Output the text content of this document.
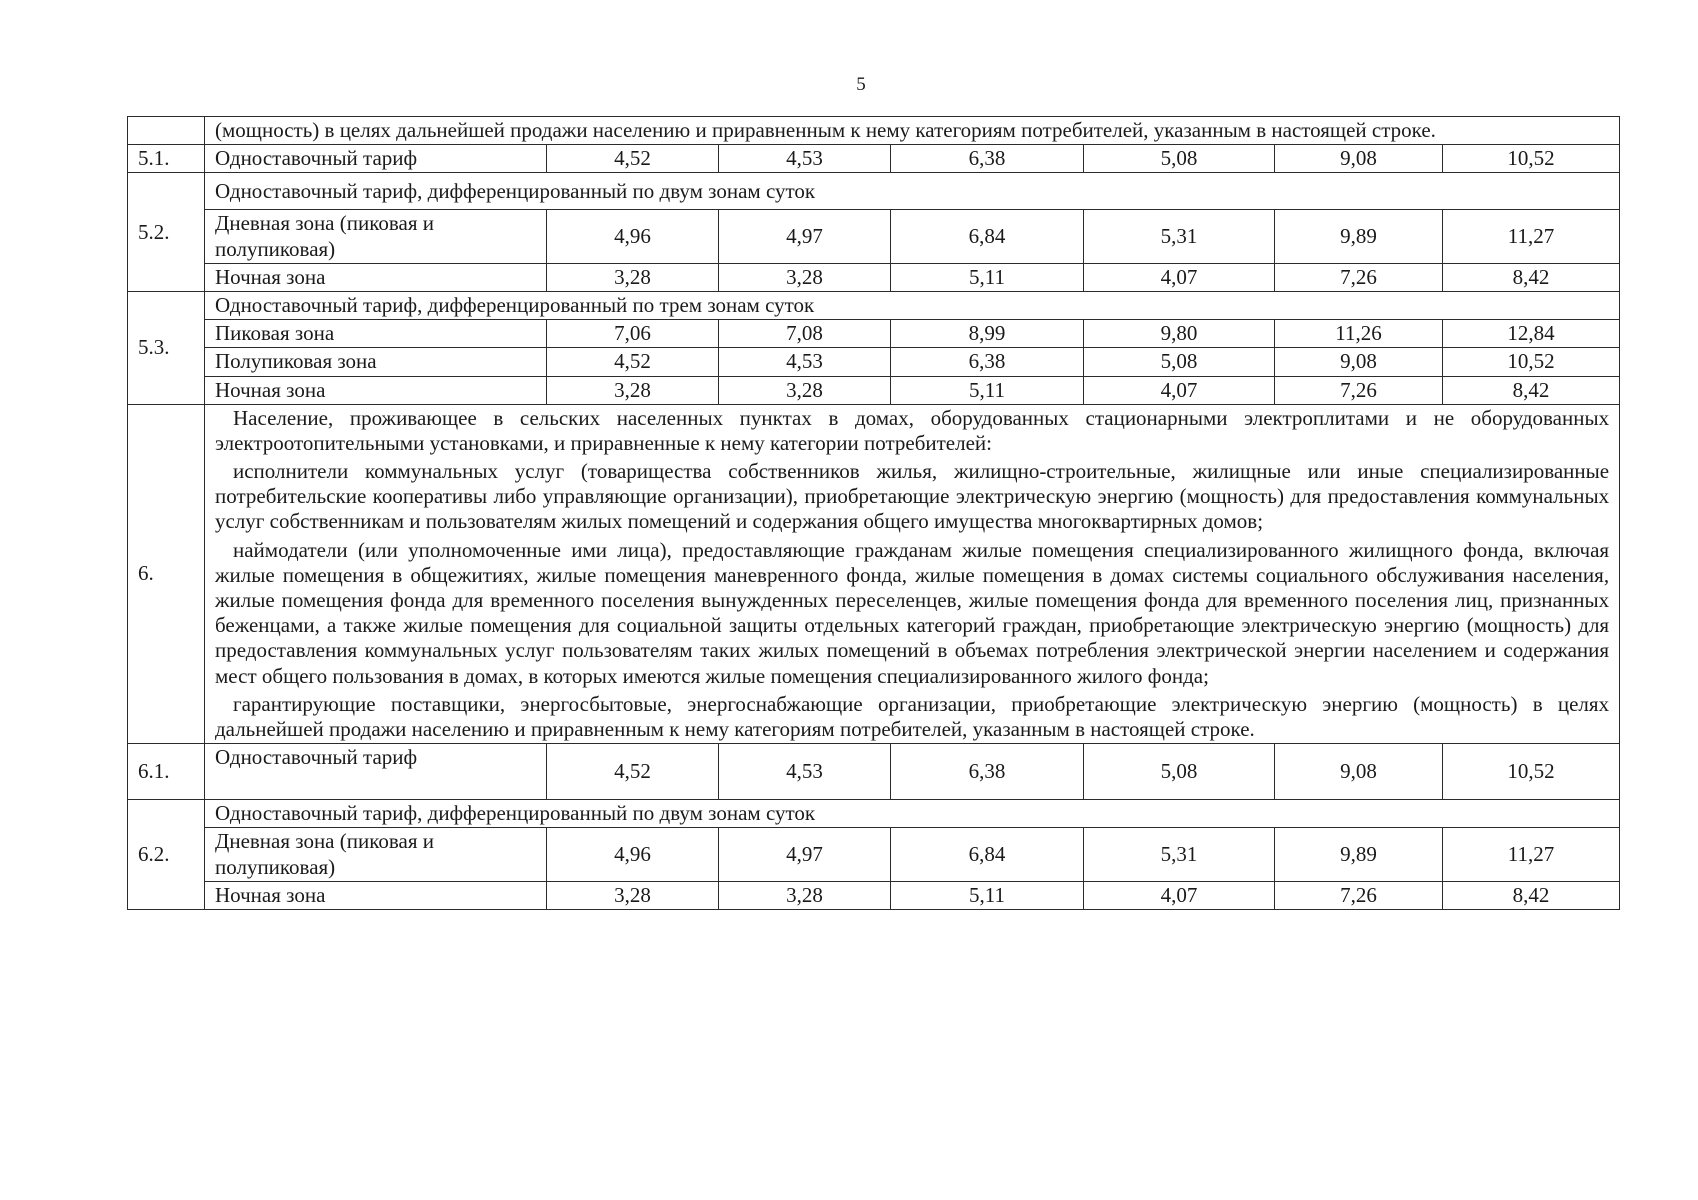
5
	(мощность) в целях дальнейшей продажи населению и приравненным к нему категориям потребителей, указанным в настоящей строке.						
5.1.	Одноставочный тариф	4,52	4,53	6,38	5,08	9,08	10,52
5.2.	Одноставочный тариф, дифференцированный по двум зонам суток						
	Дневная зона (пиковая и полупиковая)	4,96	4,97	6,84	5,31	9,89	11,27
	Ночная зона	3,28	3,28	5,11	4,07	7,26	8,42
5.3.	Одноставочный тариф, дифференцированный по трем зонам суток						
	Пиковая зона	7,06	7,08	8,99	9,80	11,26	12,84
	Полупиковая зона	4,52	4,53	6,38	5,08	9,08	10,52
	Ночная зона	3,28	3,28	5,11	4,07	7,26	8,42
6.	Население, проживающее в сельских населенных пунктах в домах, оборудованных стационарными электроплитами и не оборудованных электроотопительными установками, и приравненные к нему категории потребителей:

исполнители коммунальных услуг (товарищества собственников жилья, жилищно-строительные, жилищные или иные специализированные потребительские кооперативы либо управляющие организации), приобретающие электрическую энергию (мощность) для предоставления коммунальных услуг собственникам и пользователям жилых помещений и содержания общего имущества многоквартирных домов;

наймодатели (или уполномоченные ими лица), предоставляющие гражданам жилые помещения специализированного жилищного фонда, включая жилые помещения в общежитиях, жилые помещения маневренного фонда, жилые помещения в домах системы социального обслуживания населения, жилые помещения фонда для временного поселения вынужденных переселенцев, жилые помещения фонда для временного поселения лиц, признанных беженцами, а также жилые помещения для социальной защиты отдельных категорий граждан, приобретающие электрическую энергию (мощность) для предоставления коммунальных услуг пользователям таких жилых помещений в объемах потребления электрической энергии населением и содержания мест общего пользования в домах, в которых имеются жилые помещения специализированного жилого фонда;

гарантирующие поставщики, энергосбытовые, энергоснабжающие организации, приобретающие электрическую энергию (мощность) в целях дальнейшей продажи населению и приравненным к нему категориям потребителей, указанным в настоящей строке.						

6.1.	Одноставочный тариф	4,52	4,53	6,38	5,08	9,08	10,52
6.2.	Одноставочный тариф, дифференцированный по двум зонам суток						
	Дневная зона (пиковая и полупиковая)	4,96	4,97	6,84	5,31	9,89	11,27
	Ночная зона	3,28	3,28	5,11	4,07	7,26	8,42
